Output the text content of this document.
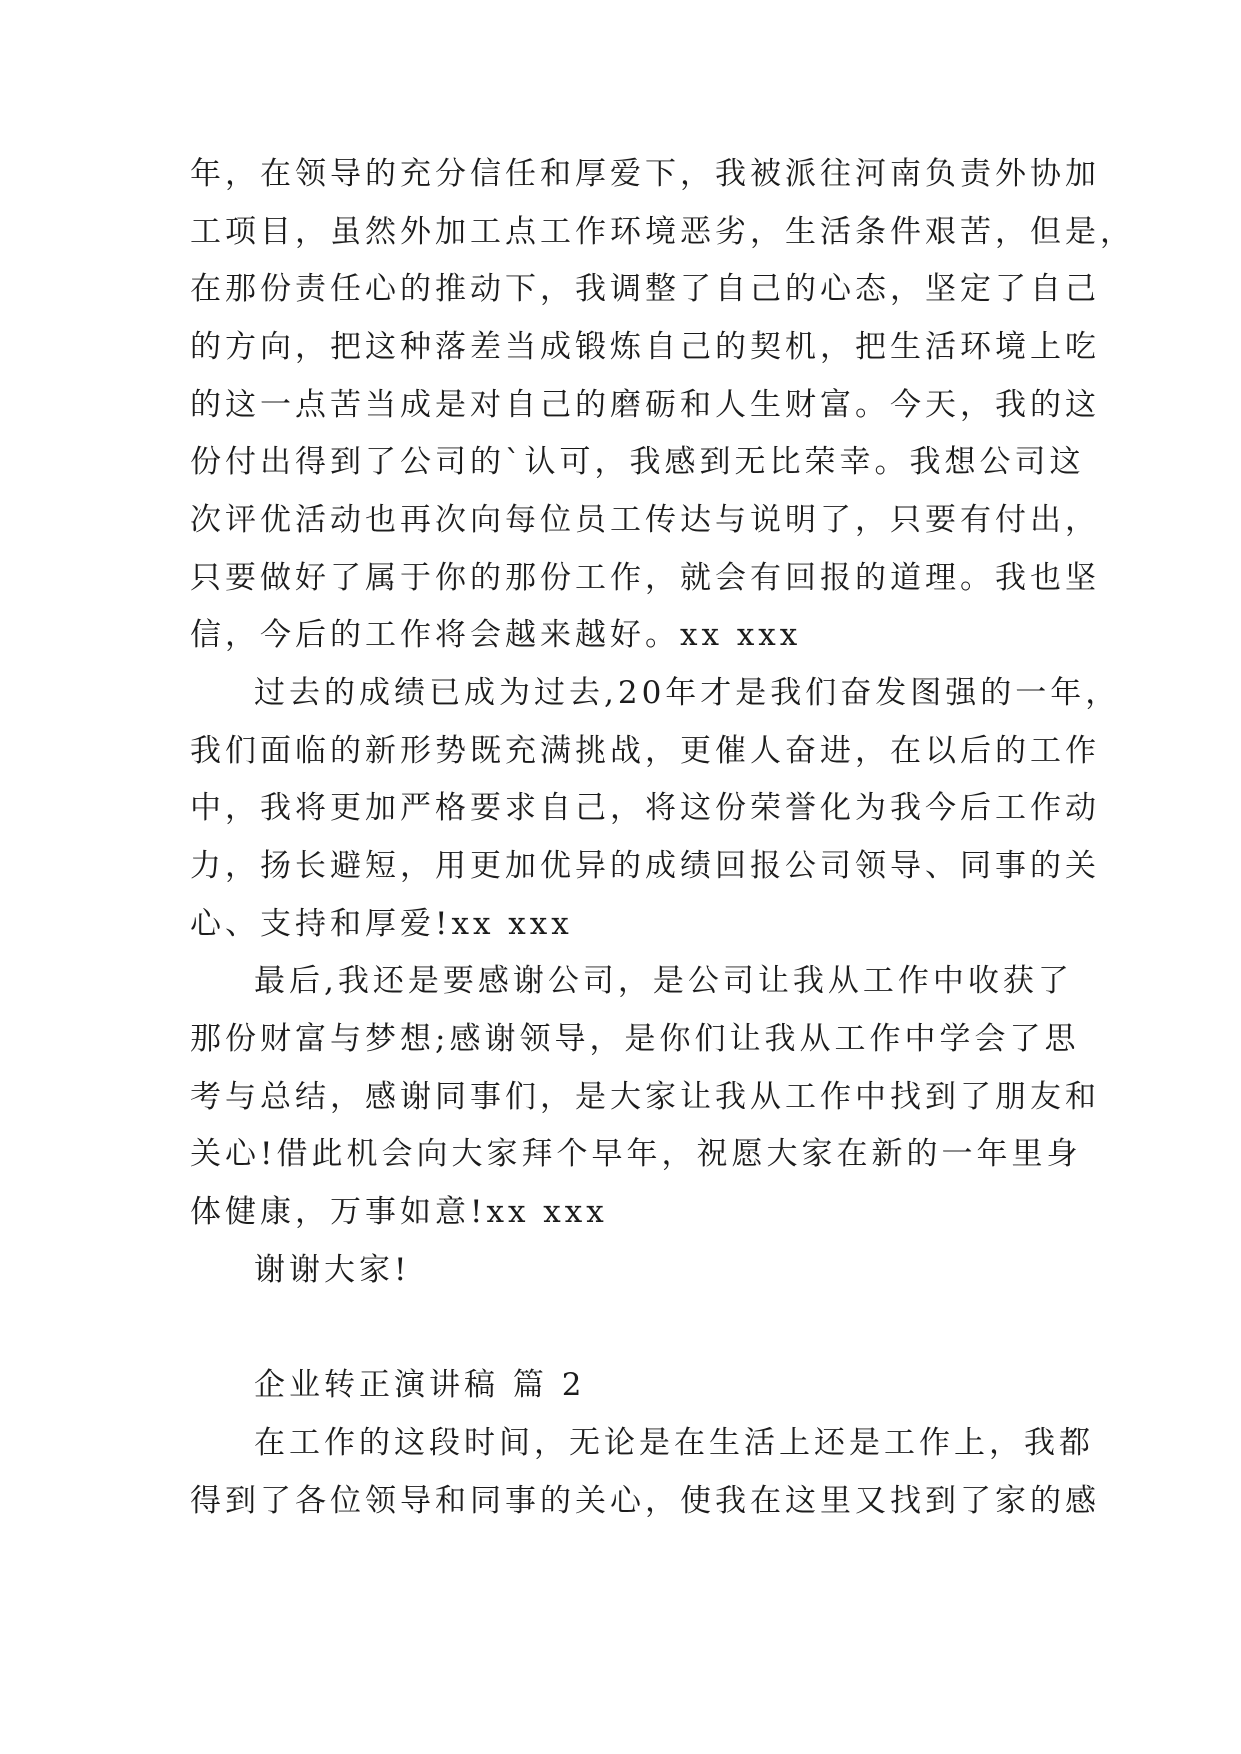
年，在领导的充分信任和厚爱下，我被派往河南负责外协加
工项目，虽然外加工点工作环境恶劣，生活条件艰苦，但是，
在那份责任心的推动下，我调整了自己的心态，坚定了自己
的方向，把这种落差当成锻炼自己的契机，把生活环境上吃
的这一点苦当成是对自己的磨砺和人生财富。今天，我的这
份付出得到了公司的`认可，我感到无比荣幸。我想公司这
次评优活动也再次向每位员工传达与说明了，只要有付出，
只要做好了属于你的那份工作，就会有回报的道理。我也坚
信，今后的工作将会越来越好。xx xxx
过去的成绩已成为过去,20年才是我们奋发图强的一年，
我们面临的新形势既充满挑战，更催人奋进，在以后的工作
中，我将更加严格要求自己，将这份荣誉化为我今后工作动
力，扬长避短，用更加优异的成绩回报公司领导、同事的关
心、支持和厚爱!xx xxx
最后,我还是要感谢公司，是公司让我从工作中收获了
那份财富与梦想;感谢领导，是你们让我从工作中学会了思
考与总结，感谢同事们，是大家让我从工作中找到了朋友和
关心!借此机会向大家拜个早年，祝愿大家在新的一年里身
体健康，万事如意!xx xxx
谢谢大家!
企业转正演讲稿 篇 2
在工作的这段时间，无论是在生活上还是工作上，我都
得到了各位领导和同事的关心，使我在这里又找到了家的感
